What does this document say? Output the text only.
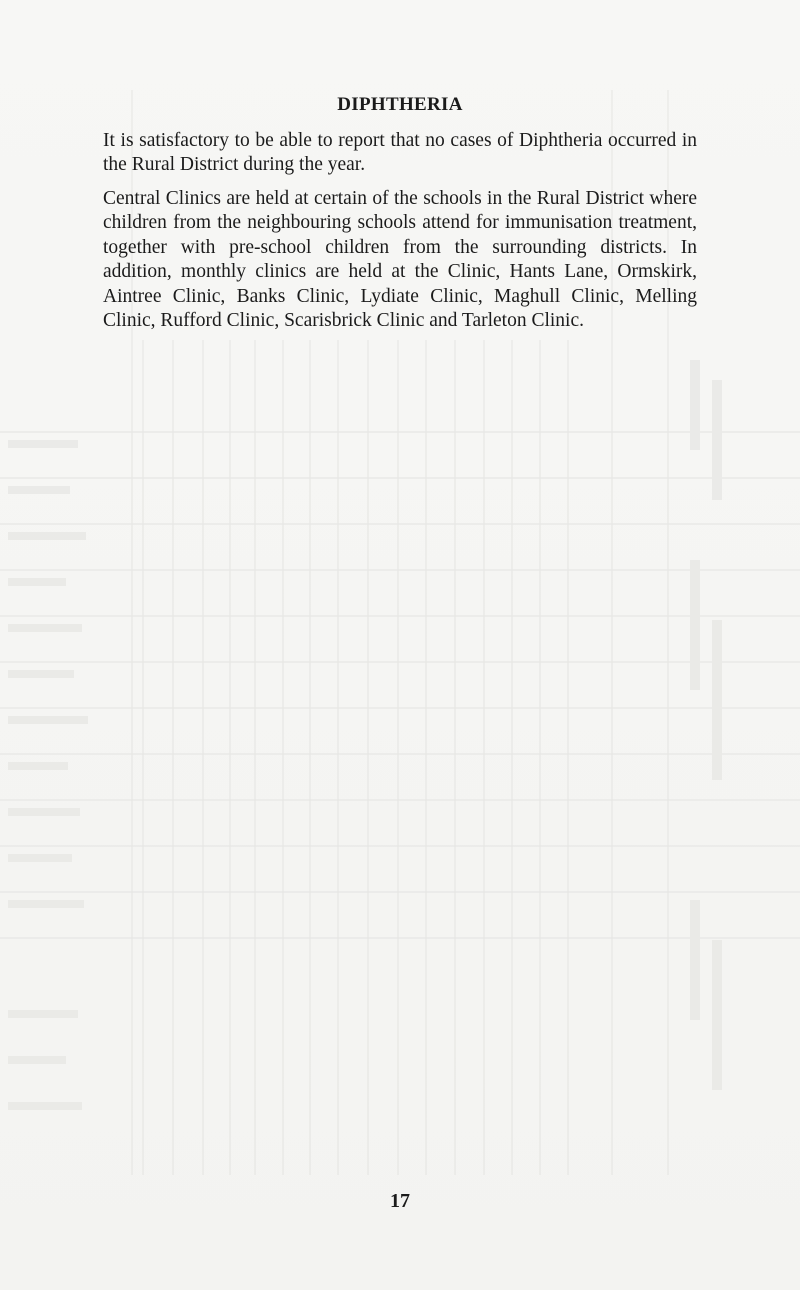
DIPHTHERIA

It is satisfactory to be able to report that no cases of Diphtheria occurred in the Rural District during the year.

Central Clinics are held at certain of the schools in the Rural District where children from the neighbouring schools attend for immunisation treatment, together with pre-school children from the surrounding districts. In addition, monthly clinics are held at the Clinic, Hants Lane, Ormskirk, Aintree Clinic, Banks Clinic, Lydiate Clinic, Maghull Clinic, Melling Clinic, Rufford Clinic, Scarisbrick Clinic and Tarleton Clinic.

17
